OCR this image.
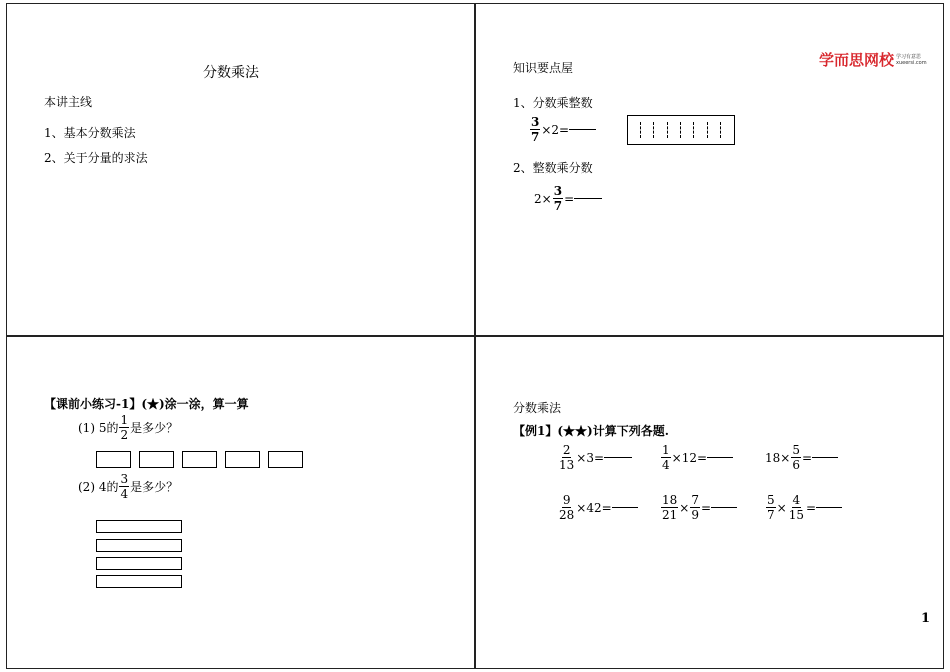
分数乘法
本讲主线
1、基本分数乘法
2、关于分量的求法
知识要点屋	学而思网校 学习有意思
xueersi.com
1、分数乘整数
$\frac{3}{7} \times 2=$
2、整数乘分数
$2\times \frac{3}{7}$ =
【课前小练习-1】(★)涂一涂，算一算
(1) 5的 $\frac{1}{2}$ 是多少？
(2) 4的 $\frac{3}{4}$ 是多少？
分数乘法
【例1】(★★)计算下列各题.
$\frac{2}{13} \times 3=$	$\frac{1}{4} \times 12=$	$18\times \frac{5}{6}$ =
$\frac{9}{28} \times 42=$	$\frac{18}{21} \times \frac{7}{9}$ =	$\frac{5}{7} \times \frac{4}{15}$ =
1
